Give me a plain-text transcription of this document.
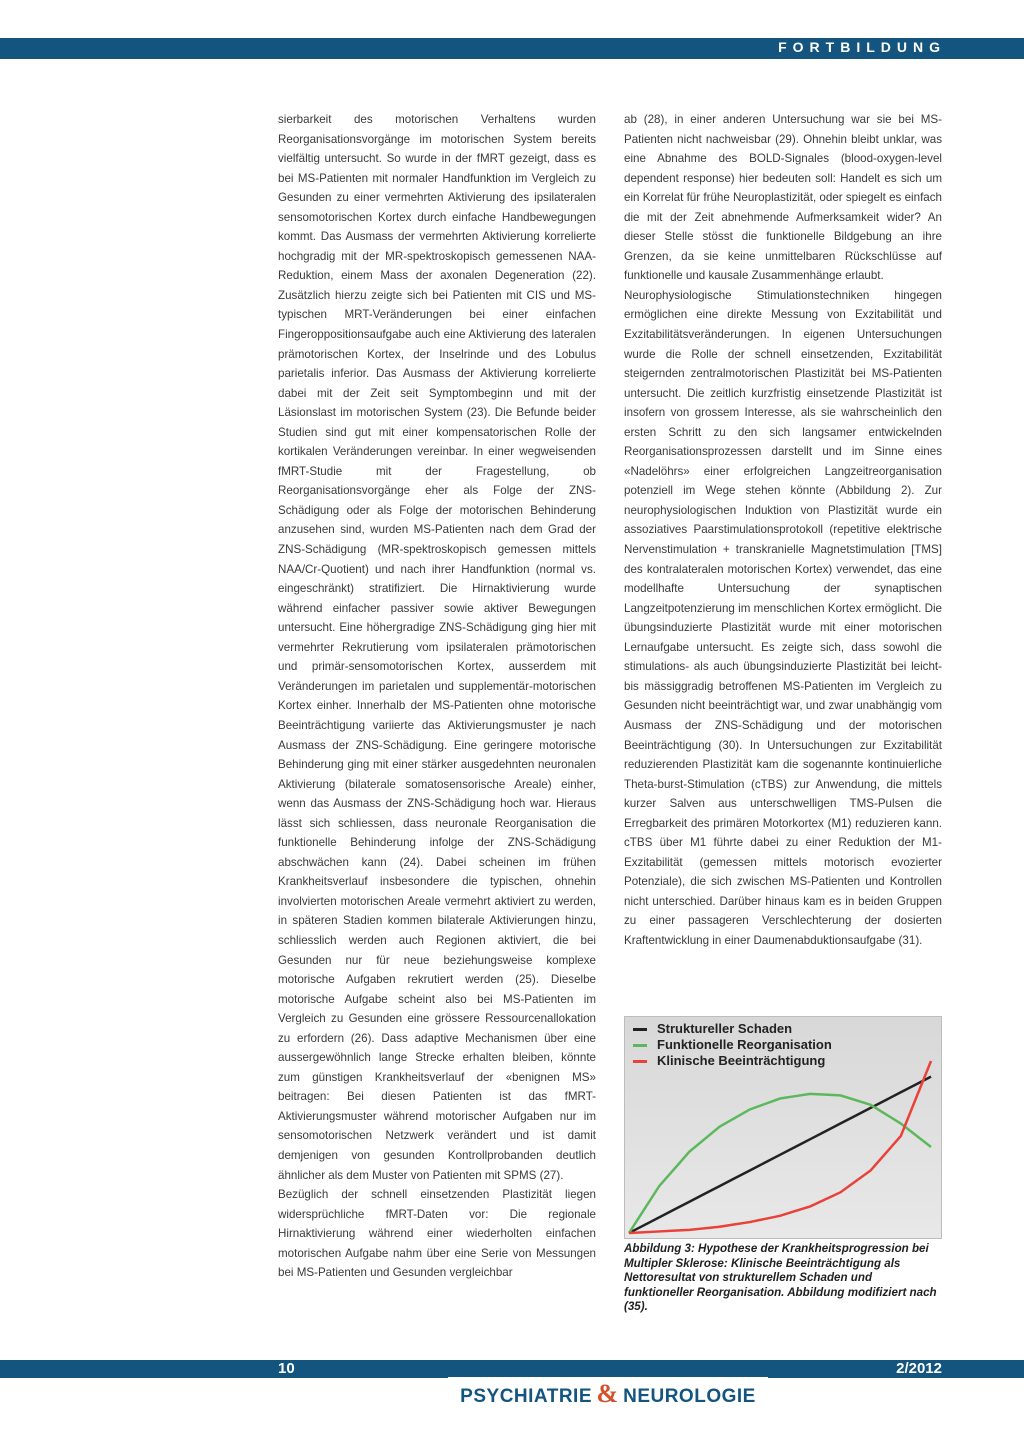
FORTBILDUNG

sierbarkeit des motorischen Verhaltens wurden Reorganisationsvorgänge im motorischen System bereits vielfältig untersucht. So wurde in der fMRT gezeigt, dass es bei MS-Patienten mit normaler Handfunktion im Vergleich zu Gesunden zu einer vermehrten Aktivierung des ipsilateralen sensomotorischen Kortex durch einfache Handbewegungen kommt. Das Ausmass der vermehrten Aktivierung korrelierte hochgradig mit der MR-spektroskopisch gemessenen NAA-Reduktion, einem Mass der axonalen Degeneration (22). Zusätzlich hierzu zeigte sich bei Patienten mit CIS und MS-typischen MRT-Veränderungen bei einer einfachen Fingeroppositionsaufgabe auch eine Aktivierung des lateralen prämotorischen Kortex, der Inselrinde und des Lobulus parietalis inferior. Das Ausmass der Aktivierung korrelierte dabei mit der Zeit seit Symptombeginn und mit der Läsionslast im motorischen System (23). Die Befunde beider Studien sind gut mit einer kompensatorischen Rolle der kortikalen Veränderungen vereinbar. In einer wegweisenden fMRT-Studie mit der Fragestellung, ob Reorganisationsvorgänge eher als Folge der ZNS-Schädigung oder als Folge der motorischen Behinderung anzusehen sind, wurden MS-Patienten nach dem Grad der ZNS-Schädigung (MR-spektroskopisch gemessen mittels NAA/Cr-Quotient) und nach ihrer Handfunktion (normal vs. eingeschränkt) stratifiziert. Die Hirnaktivierung wurde während einfacher passiver sowie aktiver Bewegungen untersucht. Eine höhergradige ZNS-Schädigung ging hier mit vermehrter Rekrutierung vom ipsilateralen prämotorischen und primär-sensomotorischen Kortex, ausserdem mit Veränderungen im parietalen und supplementär-motorischen Kortex einher. Innerhalb der MS-Patienten ohne motorische Beeinträchtigung variierte das Aktivierungsmuster je nach Ausmass der ZNS-Schädigung. Eine geringere motorische Behinderung ging mit einer stärker ausgedehnten neuronalen Aktivierung (bilaterale somatosensorische Areale) einher, wenn das Ausmass der ZNS-Schädigung hoch war. Hieraus lässt sich schliessen, dass neuronale Reorganisation die funktionelle Behinderung infolge der ZNS-Schädigung abschwächen kann (24). Dabei scheinen im frühen Krankheitsverlauf insbesondere die typischen, ohnehin involvierten motorischen Areale vermehrt aktiviert zu werden, in späteren Stadien kommen bilaterale Aktivierungen hinzu, schliesslich werden auch Regionen aktiviert, die bei Gesunden nur für neue beziehungsweise komplexe motorische Aufgaben rekrutiert werden (25). Dieselbe motorische Aufgabe scheint also bei MS-Patienten im Vergleich zu Gesunden eine grössere Ressourcenallokation zu erfordern (26). Dass adaptive Mechanismen über eine aussergewöhnlich lange Strecke erhalten bleiben, könnte zum günstigen Krankheitsverlauf der «benignen MS» beitragen: Bei diesen Patienten ist das fMRT-Aktivierungsmuster während motorischer Aufgaben nur im sensomotorischen Netzwerk verändert und ist damit demjenigen von gesunden Kontrollprobanden deutlich ähnlicher als dem Muster von Patienten mit SPMS (27).

Bezüglich der schnell einsetzenden Plastizität liegen widersprüchliche fMRT-Daten vor: Die regionale Hirnaktivierung während einer wiederholten einfachen motorischen Aufgabe nahm über eine Serie von Messungen bei MS-Patienten und Gesunden vergleichbar

ab (28), in einer anderen Untersuchung war sie bei MS-Patienten nicht nachweisbar (29). Ohnehin bleibt unklar, was eine Abnahme des BOLD-Signales (blood-oxygen-level dependent response) hier bedeuten soll: Handelt es sich um ein Korrelat für frühe Neuroplastizität, oder spiegelt es einfach die mit der Zeit abnehmende Aufmerksamkeit wider? An dieser Stelle stösst die funktionelle Bildgebung an ihre Grenzen, da sie keine unmittelbaren Rückschlüsse auf funktionelle und kausale Zusammenhänge erlaubt.

Neurophysiologische Stimulationstechniken hingegen ermöglichen eine direkte Messung von Exzitabilität und Exzitabilitätsveränderungen. In eigenen Untersuchungen wurde die Rolle der schnell einsetzenden, Exzitabilität steigernden zentralmotorischen Plastizität bei MS-Patienten untersucht. Die zeitlich kurzfristig einsetzende Plastizität ist insofern von grossem Interesse, als sie wahrscheinlich den ersten Schritt zu den sich langsamer entwickelnden Reorganisationsprozessen darstellt und im Sinne eines «Nadelöhrs» einer erfolgreichen Langzeitreorganisation potenziell im Wege stehen könnte (Abbildung 2). Zur neurophysiologischen Induktion von Plastizität wurde ein assoziatives Paarstimulationsprotokoll (repetitive elektrische Nervenstimulation + transkranielle Magnetstimulation [TMS] des kontralateralen motorischen Kortex) verwendet, das eine modellhafte Untersuchung der synaptischen Langzeitpotenzierung im menschlichen Kortex ermöglicht. Die übungsinduzierte Plastizität wurde mit einer motorischen Lernaufgabe untersucht. Es zeigte sich, dass sowohl die stimulations- als auch übungsinduzierte Plastizität bei leicht- bis mässiggradig betroffenen MS-Patienten im Vergleich zu Gesunden nicht beeinträchtigt war, und zwar unabhängig vom Ausmass der ZNS-Schädigung und der motorischen Beeinträchtigung (30). In Untersuchungen zur Exzitabilität reduzierenden Plastizität kam die sogenannte kontinuierliche Theta-burst-Stimulation (cTBS) zur Anwendung, die mittels kurzer Salven aus unterschwelligen TMS-Pulsen die Erregbarkeit des primären Motorkortex (M1) reduzieren kann. cTBS über M1 führte dabei zu einer Reduktion der M1-Exzitabilität (gemessen mittels motorisch evozierter Potenziale), die sich zwischen MS-Patienten und Kontrollen nicht unterschied. Darüber hinaus kam es in beiden Gruppen zu einer passageren Verschlechterung der dosierten Kraftentwicklung in einer Daumenabduktionsaufgabe (31).

Struktureller Schaden
Funktionelle Reorganisation
Klinische Beeinträchtigung
Abbildung 3: Hypothese der Krankheitsprogression bei Multipler Sklerose: Klinische Beeinträchtigung als Nettoresultat von strukturellem Schaden und funktioneller Reorganisation. Abbildung modifiziert nach (35).
10	2/2012
PSYCHIATRIE & NEUROLOGIE
